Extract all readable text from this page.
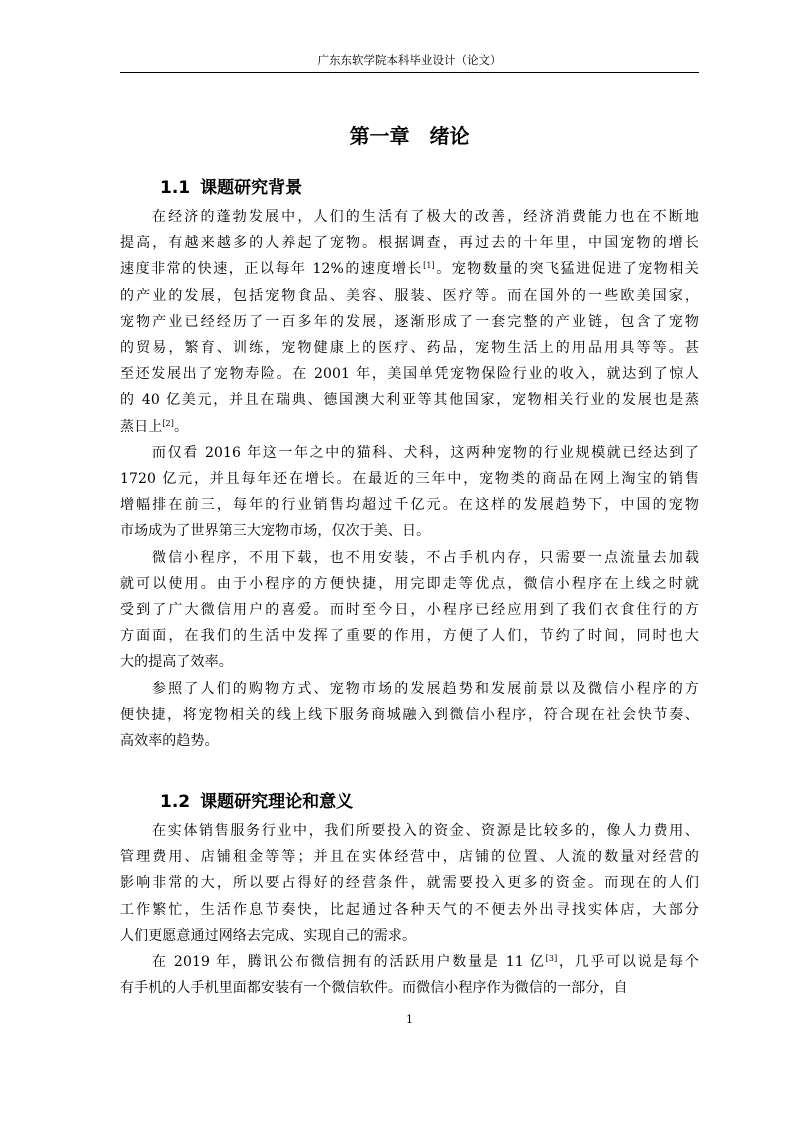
广东东软学院本科毕业设计（论文）
第一章　绪论
1.1 课题研究背景
在经济的蓬勃发展中，人们的生活有了极大的改善，经济消费能力也在不断地
提高，有越来越多的人养起了宠物。根据调查，再过去的十年里，中国宠物的增长
速度非常的快速，正以每年 12%的速度增长[1]。宠物数量的突飞猛进促进了宠物相关
的产业的发展，包括宠物食品、美容、服装、医疗等。而在国外的一些欧美国家，
宠物产业已经经历了一百多年的发展，逐渐形成了一套完整的产业链，包含了宠物
的贸易，繁育、训练，宠物健康上的医疗、药品，宠物生活上的用品用具等等。甚
至还发展出了宠物寿险。在 2001 年，美国单凭宠物保险行业的收入，就达到了惊人
的 40 亿美元，并且在瑞典、德国澳大利亚等其他国家，宠物相关行业的发展也是蒸
蒸日上[2]。
而仅看 2016 年这一年之中的猫科、犬科，这两种宠物的行业规模就已经达到了
1720 亿元，并且每年还在增长。在最近的三年中，宠物类的商品在网上淘宝的销售
增幅排在前三，每年的行业销售均超过千亿元。在这样的发展趋势下，中国的宠物
市场成为了世界第三大宠物市场，仅次于美、日。
微信小程序，不用下载，也不用安装，不占手机内存，只需要一点流量去加载
就可以使用。由于小程序的方便快捷，用完即走等优点，微信小程序在上线之时就
受到了广大微信用户的喜爱。而时至今日，小程序已经应用到了我们衣食住行的方
方面面，在我们的生活中发挥了重要的作用，方便了人们，节约了时间，同时也大
大的提高了效率。
参照了人们的购物方式、宠物市场的发展趋势和发展前景以及微信小程序的方
便快捷，将宠物相关的线上线下服务商城融入到微信小程序，符合现在社会快节奏、
高效率的趋势。
1.2 课题研究理论和意义
在实体销售服务行业中，我们所要投入的资金、资源是比较多的，像人力费用、
管理费用、店铺租金等等；并且在实体经营中，店铺的位置、人流的数量对经营的
影响非常的大，所以要占得好的经营条件，就需要投入更多的资金。而现在的人们
工作繁忙，生活作息节奏快，比起通过各种天气的不便去外出寻找实体店，大部分
人们更愿意通过网络去完成、实现自己的需求。
在 2019 年，腾讯公布微信拥有的活跃用户数量是 11 亿[3]，几乎可以说是每个
有手机的人手机里面都安装有一个微信软件。而微信小程序作为微信的一部分，自
1
